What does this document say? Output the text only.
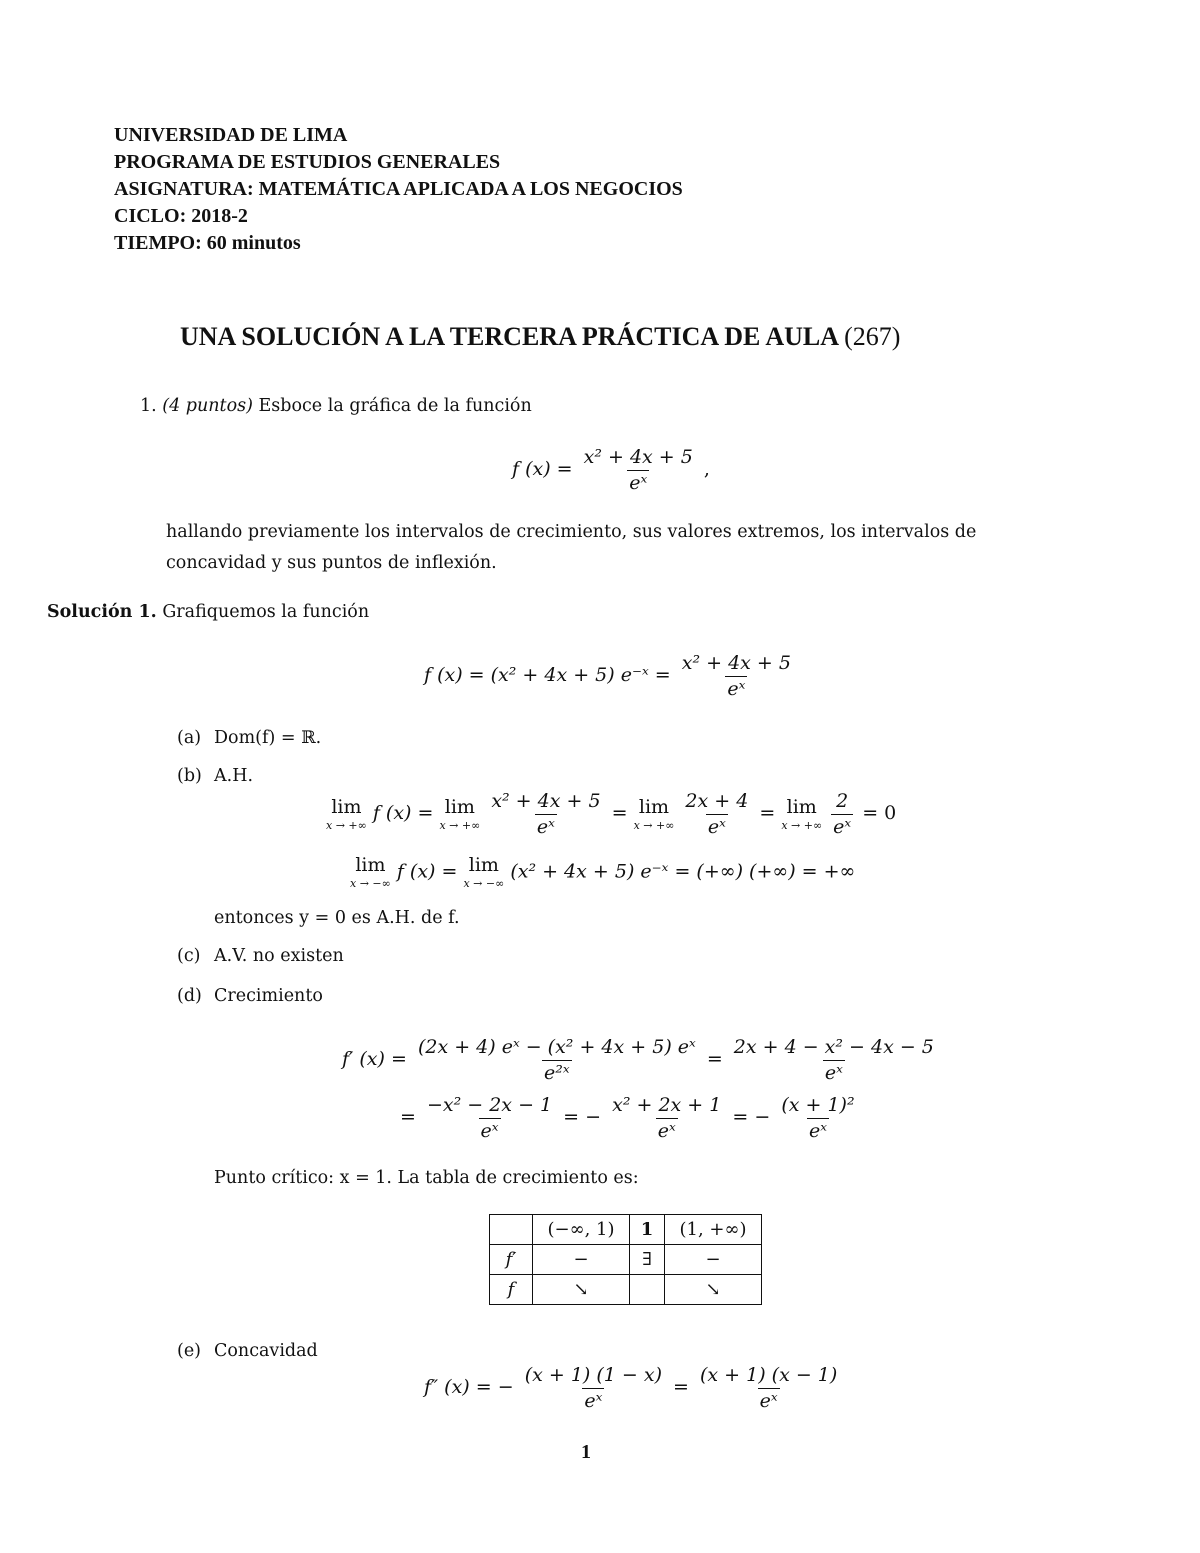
UNIVERSIDAD DE LIMA
PROGRAMA DE ESTUDIOS GENERALES
ASIGNATURA: MATEMÁTICA APLICADA A LOS NEGOCIOS
CICLO: 2018-2
TIEMPO: 60 minutos
UNA SOLUCIÓN A LA TERCERA PRÁCTICA DE AULA (267)
1. (4 puntos) Esboce la gráfica de la función
f $(x) = \frac{\text{x² + 4x + 5}}{\text{eˣ}}$ ,
hallando previamente los intervalos de crecimiento, sus valores extremos, los intervalos de
concavidad y sus puntos de inflexión.
Solución 1. Grafiquemos la función
f (x) = (x² + 4x + 5) e⁻ˣ = $\frac{\text{x² + 4x + 5}}{\text{eˣ}}$
(a) Dom(f) = ℝ.
(b) A.H.
lim
x → +∞
f (x) = lim
x → +∞
$\frac{\text{x² + 4x + 5}}{\text{eˣ}} = \lim$
x → +∞
$\frac{2x + 4}{\text{eˣ}} = \lim$
x → +∞
$\frac{2}{\text{eˣ}} = 0$
lim
x → −∞
f (x) = lim
x → −∞
(x² + 4x + 5) e⁻ˣ = (+∞) (+∞) = +∞
entonces y = 0 es A.H. de f.
(c) A.V. no existen
(d) Crecimiento
f′ $(x) = \frac{\text{(2x + 4) eˣ − (x² + 4x + 5) eˣ}}{\text{e²ˣ}} = \frac{\text{2x + 4 − x² − 4x − 5}}{\text{eˣ}}$
= $\frac{\text{−x² − 2x − 1}}{\text{eˣ}}$ = − $\frac{\text{x² + 2x + 1}}{\text{eˣ}}$ = − $\frac{\text{(x + 1)²}}{\text{eˣ}}$
Punto crítico: x = 1. La tabla de crecimiento es:
	(−∞, 1)	1	(1, +∞)
f′	−	∃	−
f	↘		↘
(e) Concavidad
f″ (x) = − $\frac{(x + 1) (1 - x)}{\text{eˣ}} = \frac{(x + 1) (x - 1)}{\text{eˣ}}$
1
